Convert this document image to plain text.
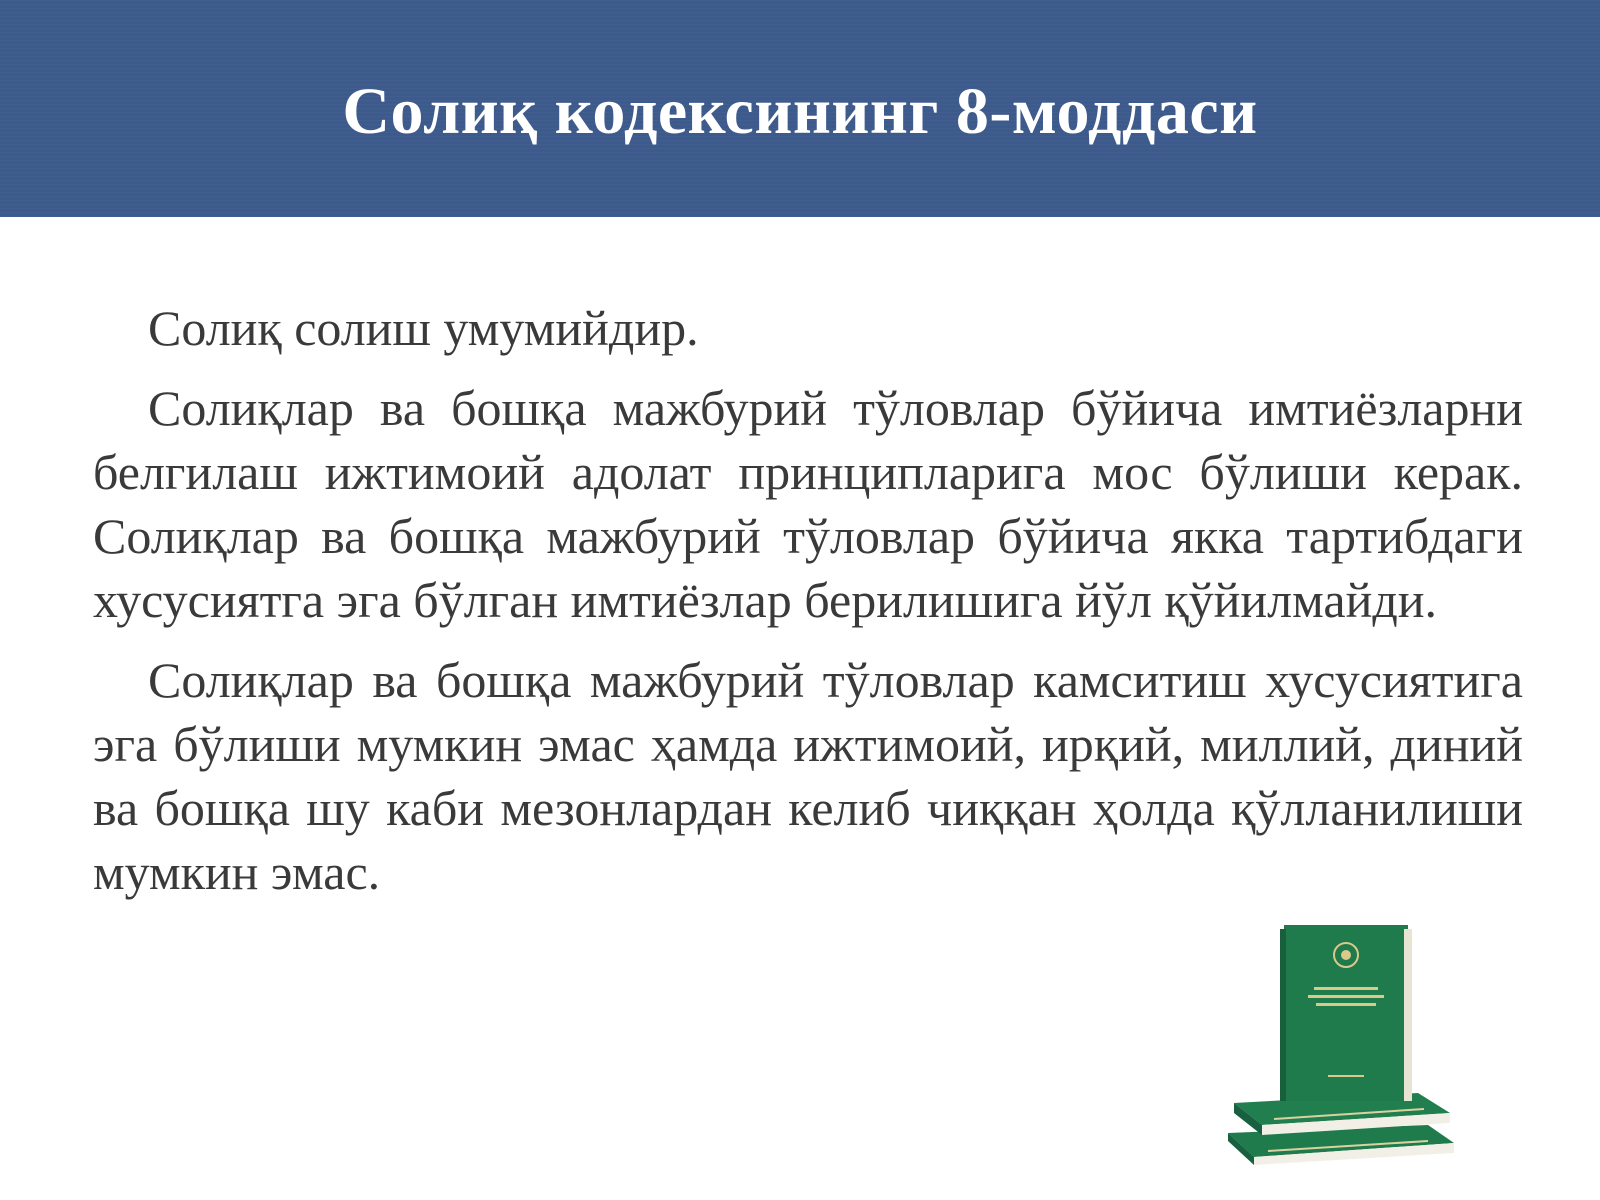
Солиқ кодексининг 8-моддаси

Солиқ солиш умумийдир.

Солиқлар ва бошқа мажбурий тўловлар бўйича имтиёзларни белгилаш ижтимоий адолат принципларига мос бўлиши керак. Солиқлар ва бошқа мажбурий тўловлар бўйича якка тартибдаги хусусиятга эга бўлган имтиёзлар берилишига йўл қўйилмайди.

Солиқлар ва бошқа мажбурий тўловлар камситиш хусусиятига эга бўлиши мумкин эмас ҳамда ижтимоий, ирқий, миллий, диний ва бошқа шу каби мезонлардан келиб чиққан ҳолда қўлланилиши мумкин эмас.
